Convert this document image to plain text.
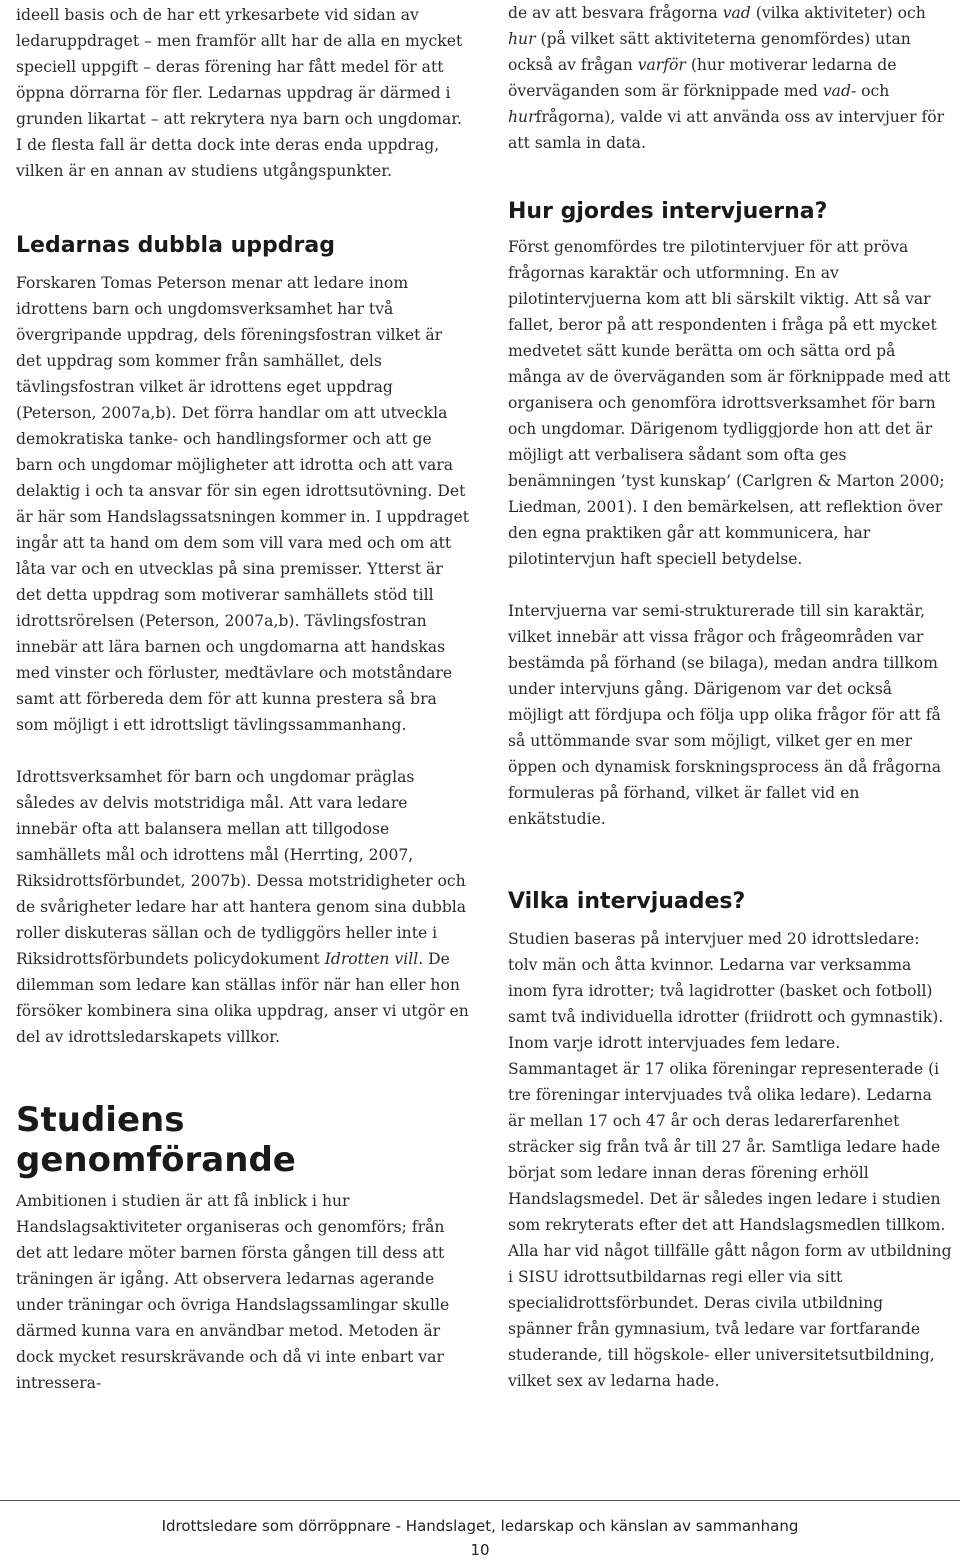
ideell basis och de har ett yrkesarbete vid sidan av ledaruppdraget – men framför allt har de alla en mycket speciell uppgift – deras förening har fått medel för att öppna dörrarna för fler. Ledarnas uppdrag är därmed i grunden likartat – att rekrytera nya barn och ungdomar. I de flesta fall är detta dock inte deras enda uppdrag, vilken är en annan av studiens utgångspunkter.

Ledarnas dubbla uppdrag

Forskaren Tomas Peterson menar att ledare inom idrottens barn och ungdomsverksamhet har två övergripande uppdrag, dels föreningsfostran vilket är det uppdrag som kommer från samhället, dels tävlingsfostran vilket är idrottens eget uppdrag (Peterson, 2007a,b). Det förra handlar om att utveckla demokratiska tanke- och handlingsformer och att ge barn och ungdomar möjligheter att idrotta och att vara delaktig i och ta ansvar för sin egen idrottsutövning. Det är här som Handslagssatsningen kommer in. I uppdraget ingår att ta hand om dem som vill vara med och om att låta var och en utvecklas på sina premisser. Ytterst är det detta uppdrag som motiverar samhällets stöd till idrottsrörelsen (Peterson, 2007a,b). Tävlingsfostran innebär att lära barnen och ungdomarna att handskas med vinster och förluster, medtävlare och motståndare samt att förbereda dem för att kunna prestera så bra som möjligt i ett idrottsligt tävlingssammanhang.

Idrottsverksamhet för barn och ungdomar präglas således av delvis motstridiga mål. Att vara ledare innebär ofta att balansera mellan att tillgodose samhällets mål och idrottens mål (Herrting, 2007, Riksidrottsförbundet, 2007b). Dessa motstridigheter och de svårigheter ledare har att hantera genom sina dubbla roller diskuteras sällan och de tydliggörs heller inte i Riksidrottsförbundets policydokument Idrotten vill. De dilemman som ledare kan ställas inför när han eller hon försöker kombinera sina olika uppdrag, anser vi utgör en del av idrottsledarskapets villkor.

Studiens genomförande

Ambitionen i studien är att få inblick i hur Handslagsaktiviteter organiseras och genomförs; från det att ledare möter barnen första gången till dess att träningen är igång. Att observera ledarnas agerande under träningar och övriga Handslagssamlingar skulle därmed kunna vara en användbar metod. Metoden är dock mycket resurskrävande och då vi inte enbart var intressera-

de av att besvara frågorna vad (vilka aktiviteter) och hur (på vilket sätt aktiviteterna genomfördes) utan också av frågan varför (hur motiverar ledarna de överväganden som är förknippade med vad- och hurfrågorna), valde vi att använda oss av intervjuer för att samla in data.

Hur gjordes intervjuerna?

Först genomfördes tre pilotintervjuer för att pröva frågornas karaktär och utformning. En av pilotintervjuerna kom att bli särskilt viktig. Att så var fallet, beror på att respondenten i fråga på ett mycket medvetet sätt kunde berätta om och sätta ord på många av de överväganden som är förknippade med att organisera och genomföra idrottsverksamhet för barn och ungdomar. Därigenom tydliggjorde hon att det är möjligt att verbalisera sådant som ofta ges benämningen ’tyst kunskap’ (Carlgren & Marton 2000; Liedman, 2001). I den bemärkelsen, att reflektion över den egna praktiken går att kommunicera, har pilotintervjun haft speciell betydelse.

Intervjuerna var semi-strukturerade till sin karaktär, vilket innebär att vissa frågor och frågeområden var bestämda på förhand (se bilaga), medan andra tillkom under intervjuns gång. Därigenom var det också möjligt att fördjupa och följa upp olika frågor för att få så uttömmande svar som möjligt, vilket ger en mer öppen och dynamisk forskningsprocess än då frågorna formuleras på förhand, vilket är fallet vid en enkätstudie.

Vilka intervjuades?

Studien baseras på intervjuer med 20 idrottsledare: tolv män och åtta kvinnor. Ledarna var verksamma inom fyra idrotter; två lagidrotter (basket och fotboll) samt två individuella idrotter (friidrott och gymnastik). Inom varje idrott intervjuades fem ledare. Sammantaget är 17 olika föreningar representerade (i tre föreningar intervjuades två olika ledare). Ledarna är mellan 17 och 47 år och deras ledarerfarenhet sträcker sig från två år till 27 år. Samtliga ledare hade börjat som ledare innan deras förening erhöll Handslagsmedel. Det är således ingen ledare i studien som rekryterats efter det att Handslagsmedlen tillkom. Alla har vid något tillfälle gått någon form av utbildning i SISU idrottsutbildarnas regi eller via sitt specialidrottsförbundet. Deras civila utbildning spänner från gymnasium, två ledare var fortfarande studerande, till högskole- eller universitetsutbildning, vilket sex av ledarna hade.

Idrottsledare som dörröppnare - Handslaget, ledarskap och känslan av sammanhang
10
